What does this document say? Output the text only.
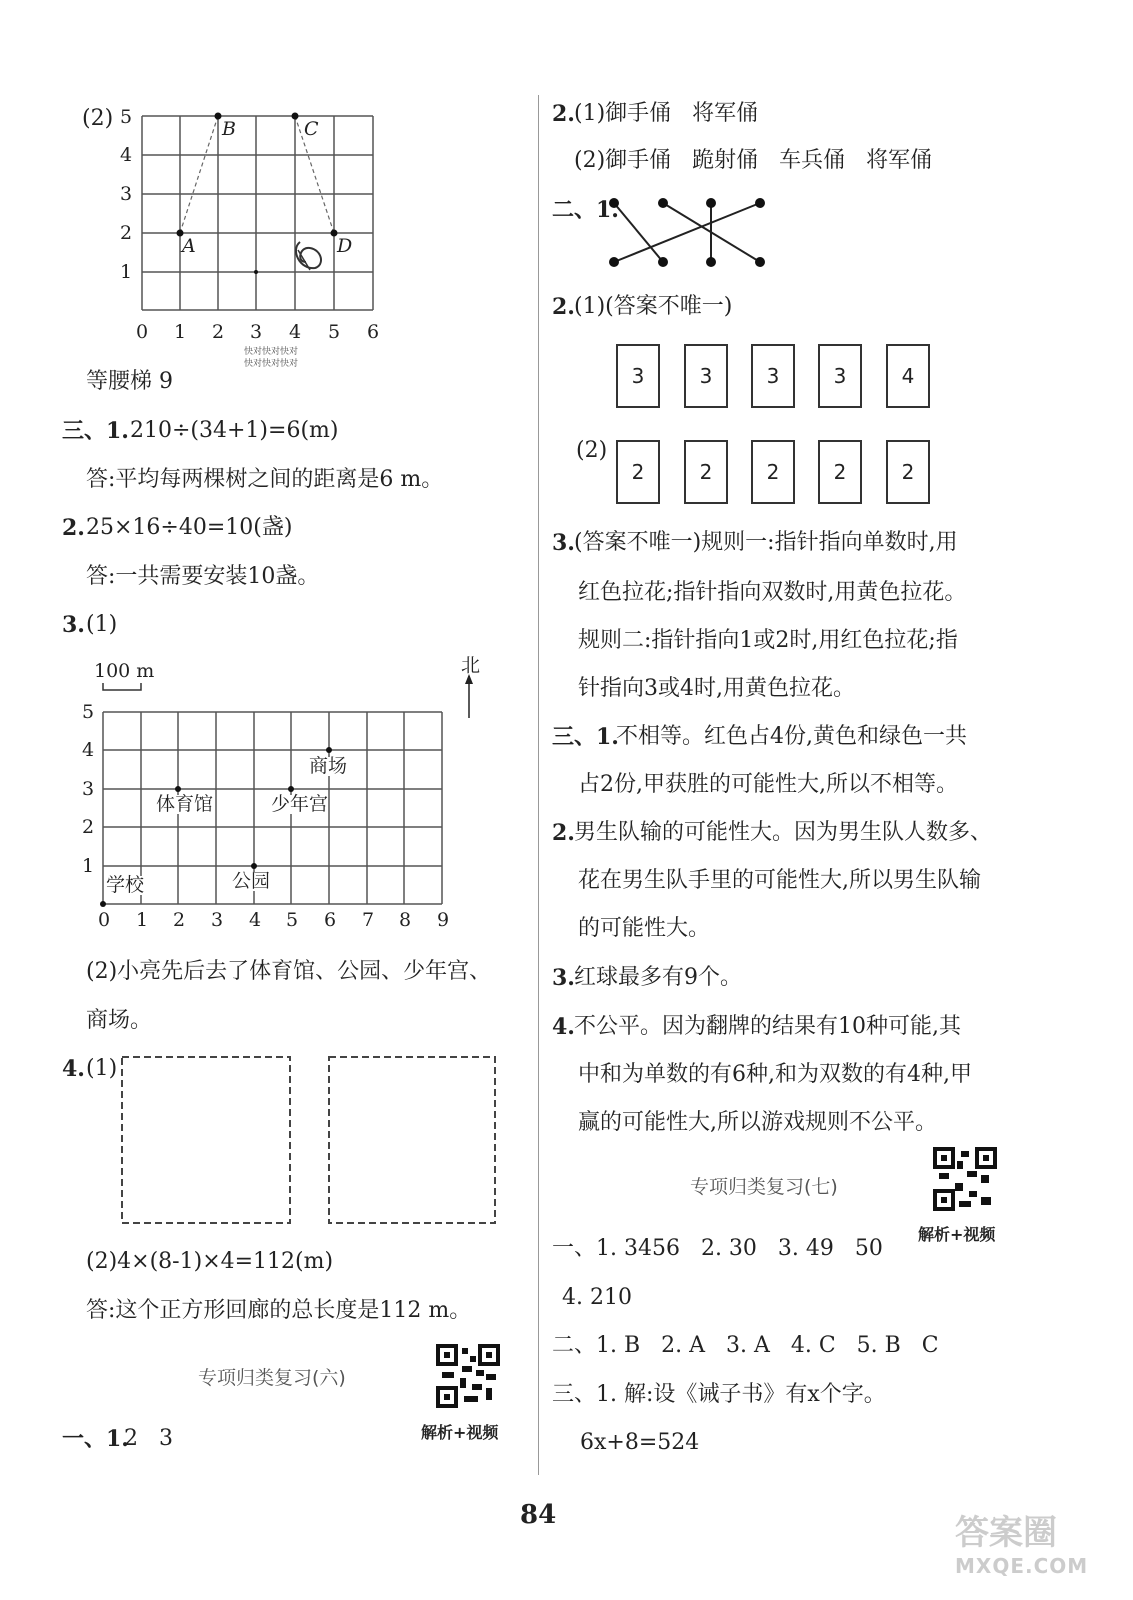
(2) 5
4
3
2
1
0 1 2 3 4 5 6
A
B	C
D
快对快对快对
快对快对快对
等腰梯 9
三、1. 210÷(34+1)=6(m)
答:平均每两棵树之间的距离是6 m。
2. 25×16÷40=10(盏)
答:一共需要安装10盏。
3. (1)
100 m	北
5
4
3
2
1
0 1 2 3 4 5 6 7 8 9
学校
体育馆
公园
少年宫
商场
(2)小亮先后去了体育馆、公园、少年宫、
商场。
4. (1)
(2)4×(8-1)×4=112(m)
答:这个正方形回廊的总长度是112 m。
专项归类复习(六)
解析+视频
一、1.
2   3
2. (1)御手俑   将军俑
(2)御手俑   跪射俑   车兵俑   将军俑
二、1.
2. (1)(答案不唯一)
3	3	3	3	4
(2)
2	2	2	2	2
3. (答案不唯一)规则一:指针指向单数时,用
红色拉花;指针指向双数时,用黄色拉花。
规则二:指针指向1或2时,用红色拉花;指
针指向3或4时,用黄色拉花。
三、1.
不相等。红色占4份,黄色和绿色一共
占2份,甲获胜的可能性大,所以不相等。
2. 男生队输的可能性大。因为男生队人数多、
花在男生队手里的可能性大,所以男生队输
的可能性大。
3. 红球最多有9个。
4. 不公平。因为翻牌的结果有10种可能,其
中和为单数的有6种,和为双数的有4种,甲
赢的可能性大,所以游戏规则不公平。
专项归类复习(七)
解析+视频
一、1. 3456   2. 30   3. 49   50
4. 210
二、1. B   2. A   3. A   4. C   5. B   C
三、1. 解:设《诫子书》有x个字。
6x+8=524
84	答案圈
MXQE.COM
